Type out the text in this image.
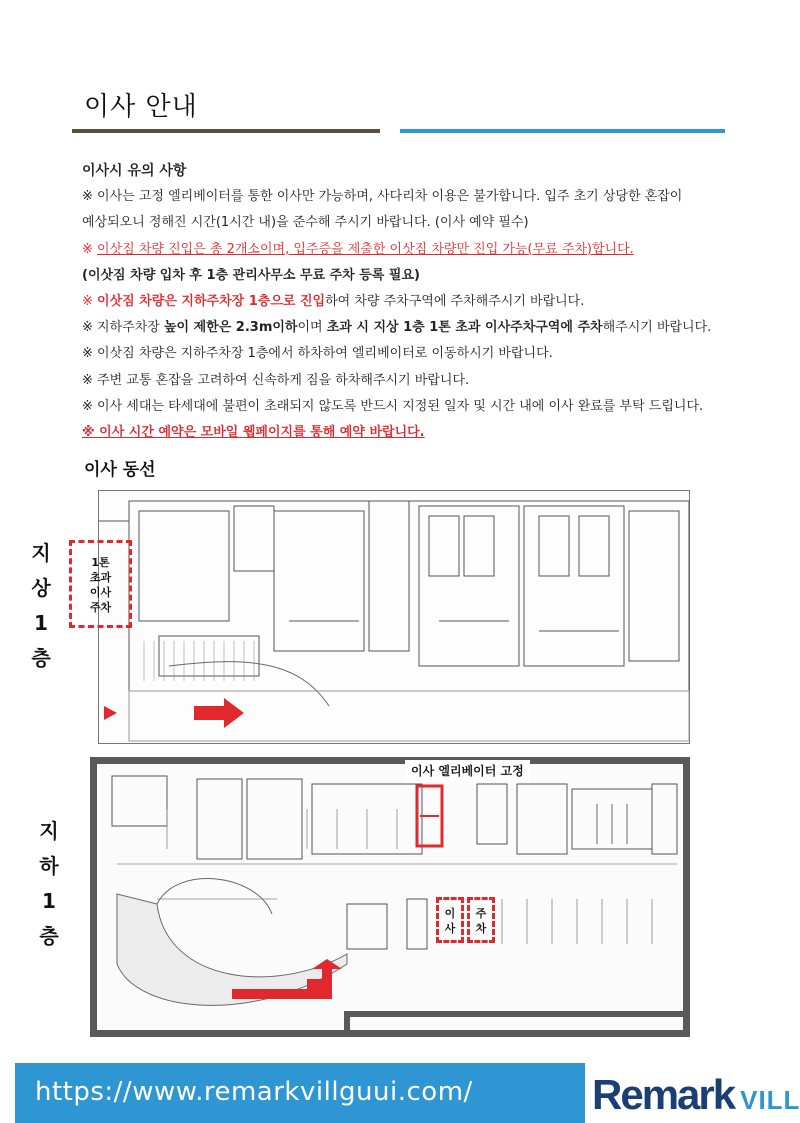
이사 안내
이사시 유의 사항
※ 이사는 고정 엘리베이터를 통한 이사만 가능하며, 사다리차 이용은 불가합니다. 입주 초기 상당한 혼잡이
예상되오니 정해진 시간(1시간 내)을 준수해 주시기 바랍니다. (이사 예약 필수)
※ 이삿짐 차량 진입은 총 2개소이며, 입주증을 제출한 이삿짐 차량만 진입 가능(무료 주차)합니다.
(이삿짐 차량 입차 후 1층 관리사무소 무료 주차 등록 필요)
※ 이삿짐 차량은 지하주차장 1층으로 진입하여 차량 주차구역에 주차해주시기 바랍니다.
※ 지하주차장 높이 제한은 2.3m이하이며 초과 시 지상 1층 1톤 초과 이사주차구역에 주차해주시기 바랍니다.
※ 이삿짐 차량은 지하주차장 1층에서 하차하여 엘리베이터로 이동하시기 바랍니다.
※ 주변 교통 혼잡을 고려하여 신속하게 짐을 하차해주시기 바랍니다.
※ 이사 세대는 타세대에 불편이 초래되지 않도록 반드시 지정된 일자 및 시간 내에 이사 완료를 부탁 드립니다.
※ 이사 시간 예약은 모바일 웹페이지를 통해 예약 바랍니다.
이사 동선
지
상
1
층
1톤
초과
이사
주차
지
하
1
층
이사 엘리베이터 고정
이
사
주
차
https://www.remarkvillguui.com/	Remark VILL
